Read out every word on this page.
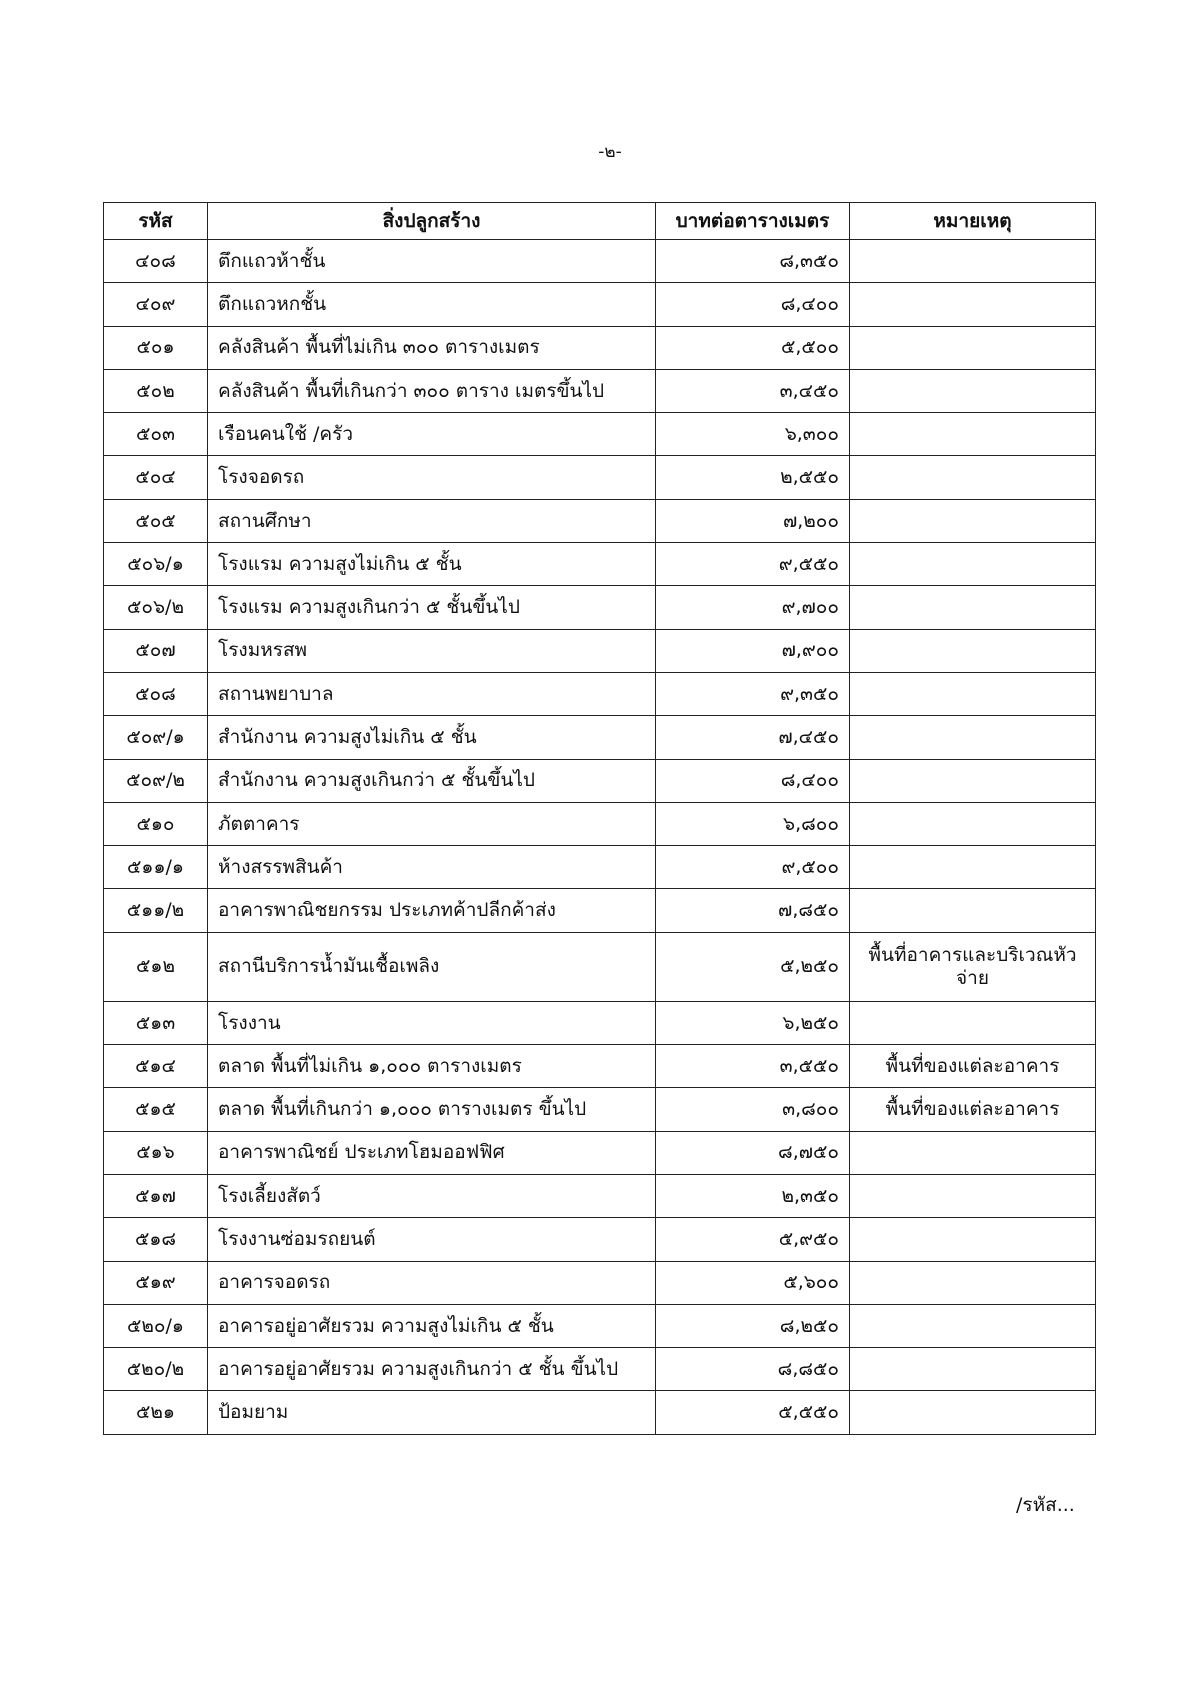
-๒-
รหัส	สิ่งปลูกสร้าง	บาทต่อตารางเมตร	หมายเหตุ
๔๐๘	ตึกแถวห้าชั้น	๘,๓๕๐	
๔๐๙	ตึกแถวหกชั้น	๘,๔๐๐	
๕๐๑	คลังสินค้า พื้นที่ไม่เกิน ๓๐๐ ตารางเมตร	๕,๕๐๐	
๕๐๒	คลังสินค้า พื้นที่เกินกว่า ๓๐๐ ตาราง เมตรขึ้นไป	๓,๔๕๐	
๕๐๓	เรือนคนใช้ /ครัว	๖,๓๐๐	
๕๐๔	โรงจอดรถ	๒,๕๕๐	
๕๐๕	สถานศึกษา	๗,๒๐๐	
๕๐๖/๑	โรงแรม ความสูงไม่เกิน ๕ ชั้น	๙,๕๕๐	
๕๐๖/๒	โรงแรม ความสูงเกินกว่า ๕ ชั้นขึ้นไป	๙,๗๐๐	
๕๐๗	โรงมหรสพ	๗,๙๐๐	
๕๐๘	สถานพยาบาล	๙,๓๕๐	
๕๐๙/๑	สำนักงาน ความสูงไม่เกิน ๕ ชั้น	๗,๔๕๐	
๕๐๙/๒	สำนักงาน ความสูงเกินกว่า ๕ ชั้นขึ้นไป	๘,๔๐๐	
๕๑๐	ภัตตาคาร	๖,๘๐๐	
๕๑๑/๑	ห้างสรรพสินค้า	๙,๕๐๐	
๕๑๑/๒	อาคารพาณิชยกรรม ประเภทค้าปลีกค้าส่ง	๗,๘๕๐	
๕๑๒	สถานีบริการน้ำมันเชื้อเพลิง	๕,๒๕๐	พื้นที่อาคารและบริเวณหัวจ่าย
๕๑๓	โรงงาน	๖,๒๕๐	
๕๑๔	ตลาด พื้นที่ไม่เกิน ๑,๐๐๐ ตารางเมตร	๓,๕๕๐	พื้นที่ของแต่ละอาคาร
๕๑๕	ตลาด พื้นที่เกินกว่า ๑,๐๐๐ ตารางเมตร ขึ้นไป	๓,๘๐๐	พื้นที่ของแต่ละอาคาร
๕๑๖	อาคารพาณิชย์ ประเภทโฮมออฟฟิศ	๘,๗๕๐	
๕๑๗	โรงเลี้ยงสัตว์	๒,๓๕๐	
๕๑๘	โรงงานซ่อมรถยนต์	๕,๙๕๐	
๕๑๙	อาคารจอดรถ	๕,๖๐๐	
๕๒๐/๑	อาคารอยู่อาศัยรวม ความสูงไม่เกิน ๕ ชั้น	๘,๒๕๐	
๕๒๐/๒	อาคารอยู่อาศัยรวม ความสูงเกินกว่า ๕ ชั้น ขึ้นไป	๘,๘๕๐	
๕๒๑	ป้อมยาม	๕,๕๕๐	
/รหัส...
